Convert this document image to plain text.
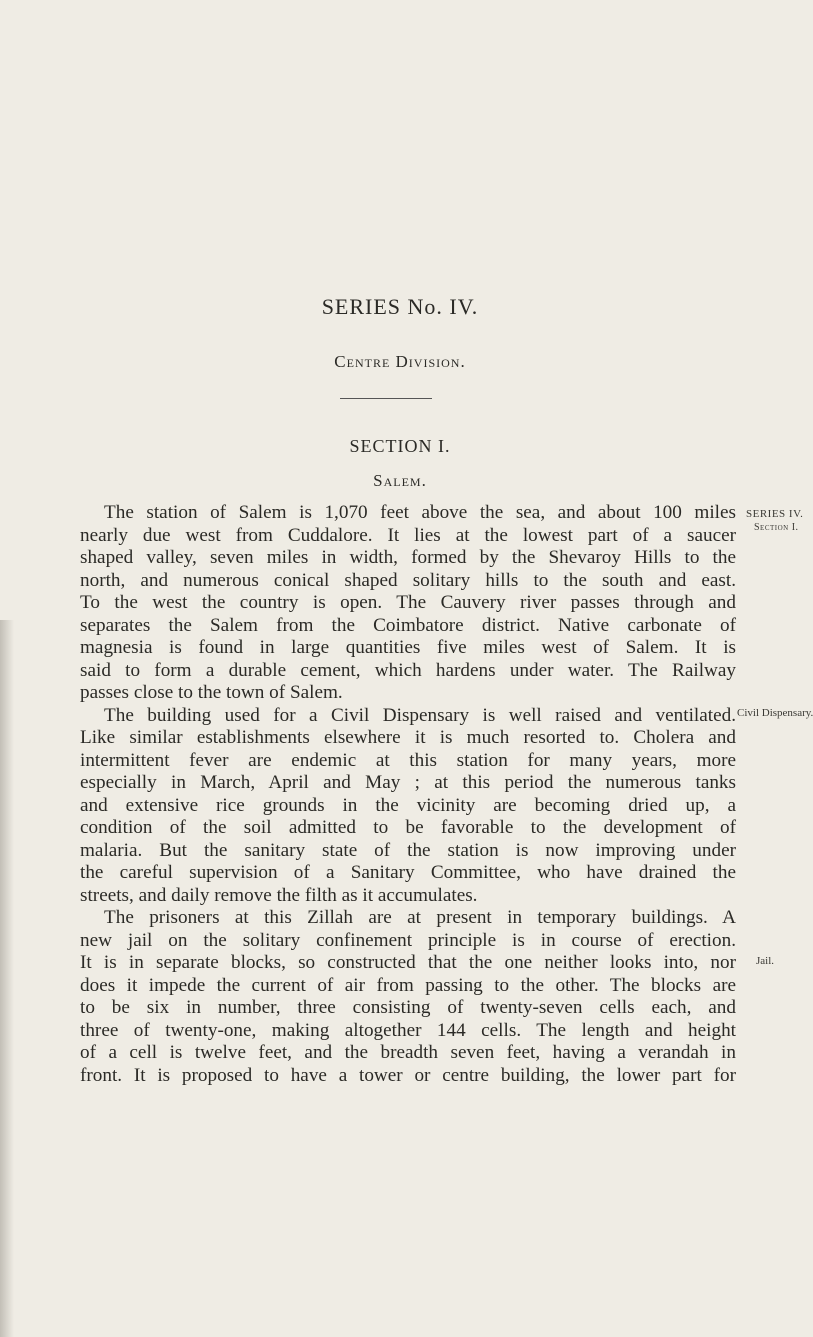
SERIES No. IV.
Centre Division.
SECTION I.
Salem.
SERIES IV.
Section I.
Civil Dispensary.
Jail.

The station of Salem is 1,070 feet above the sea, and about 100 miles
nearly due west from Cuddalore. It lies at the lowest part of a saucer
shaped valley, seven miles in width, formed by the Shevaroy Hills to the
north, and numerous conical shaped solitary hills to the south and east.
To the west the country is open. The Cauvery river passes through and
separates the Salem from the Coimbatore district. Native carbonate of
magnesia is found in large quantities five miles west of Salem. It is
said to form a durable cement, which hardens under water. The Railway
passes close to the town of Salem.

The building used for a Civil Dispensary is well raised and ventilated.
Like similar establishments elsewhere it is much resorted to. Cholera and
intermittent fever are endemic at this station for many years, more
especially in March, April and May ; at this period the numerous tanks
and extensive rice grounds in the vicinity are becoming dried up, a
condition of the soil admitted to be favorable to the development of
malaria. But the sanitary state of the station is now improving under
the careful supervision of a Sanitary Committee, who have drained the
streets, and daily remove the filth as it accumulates.

The prisoners at this Zillah are at present in temporary buildings. A
new jail on the solitary confinement principle is in course of erection.
It is in separate blocks, so constructed that the one neither looks into, nor
does it impede the current of air from passing to the other. The blocks are
to be six in number, three consisting of twenty-seven cells each, and
three of twenty-one, making altogether 144 cells. The length and height
of a cell is twelve feet, and the breadth seven feet, having a verandah in
front. It is proposed to have a tower or centre building, the lower part for
